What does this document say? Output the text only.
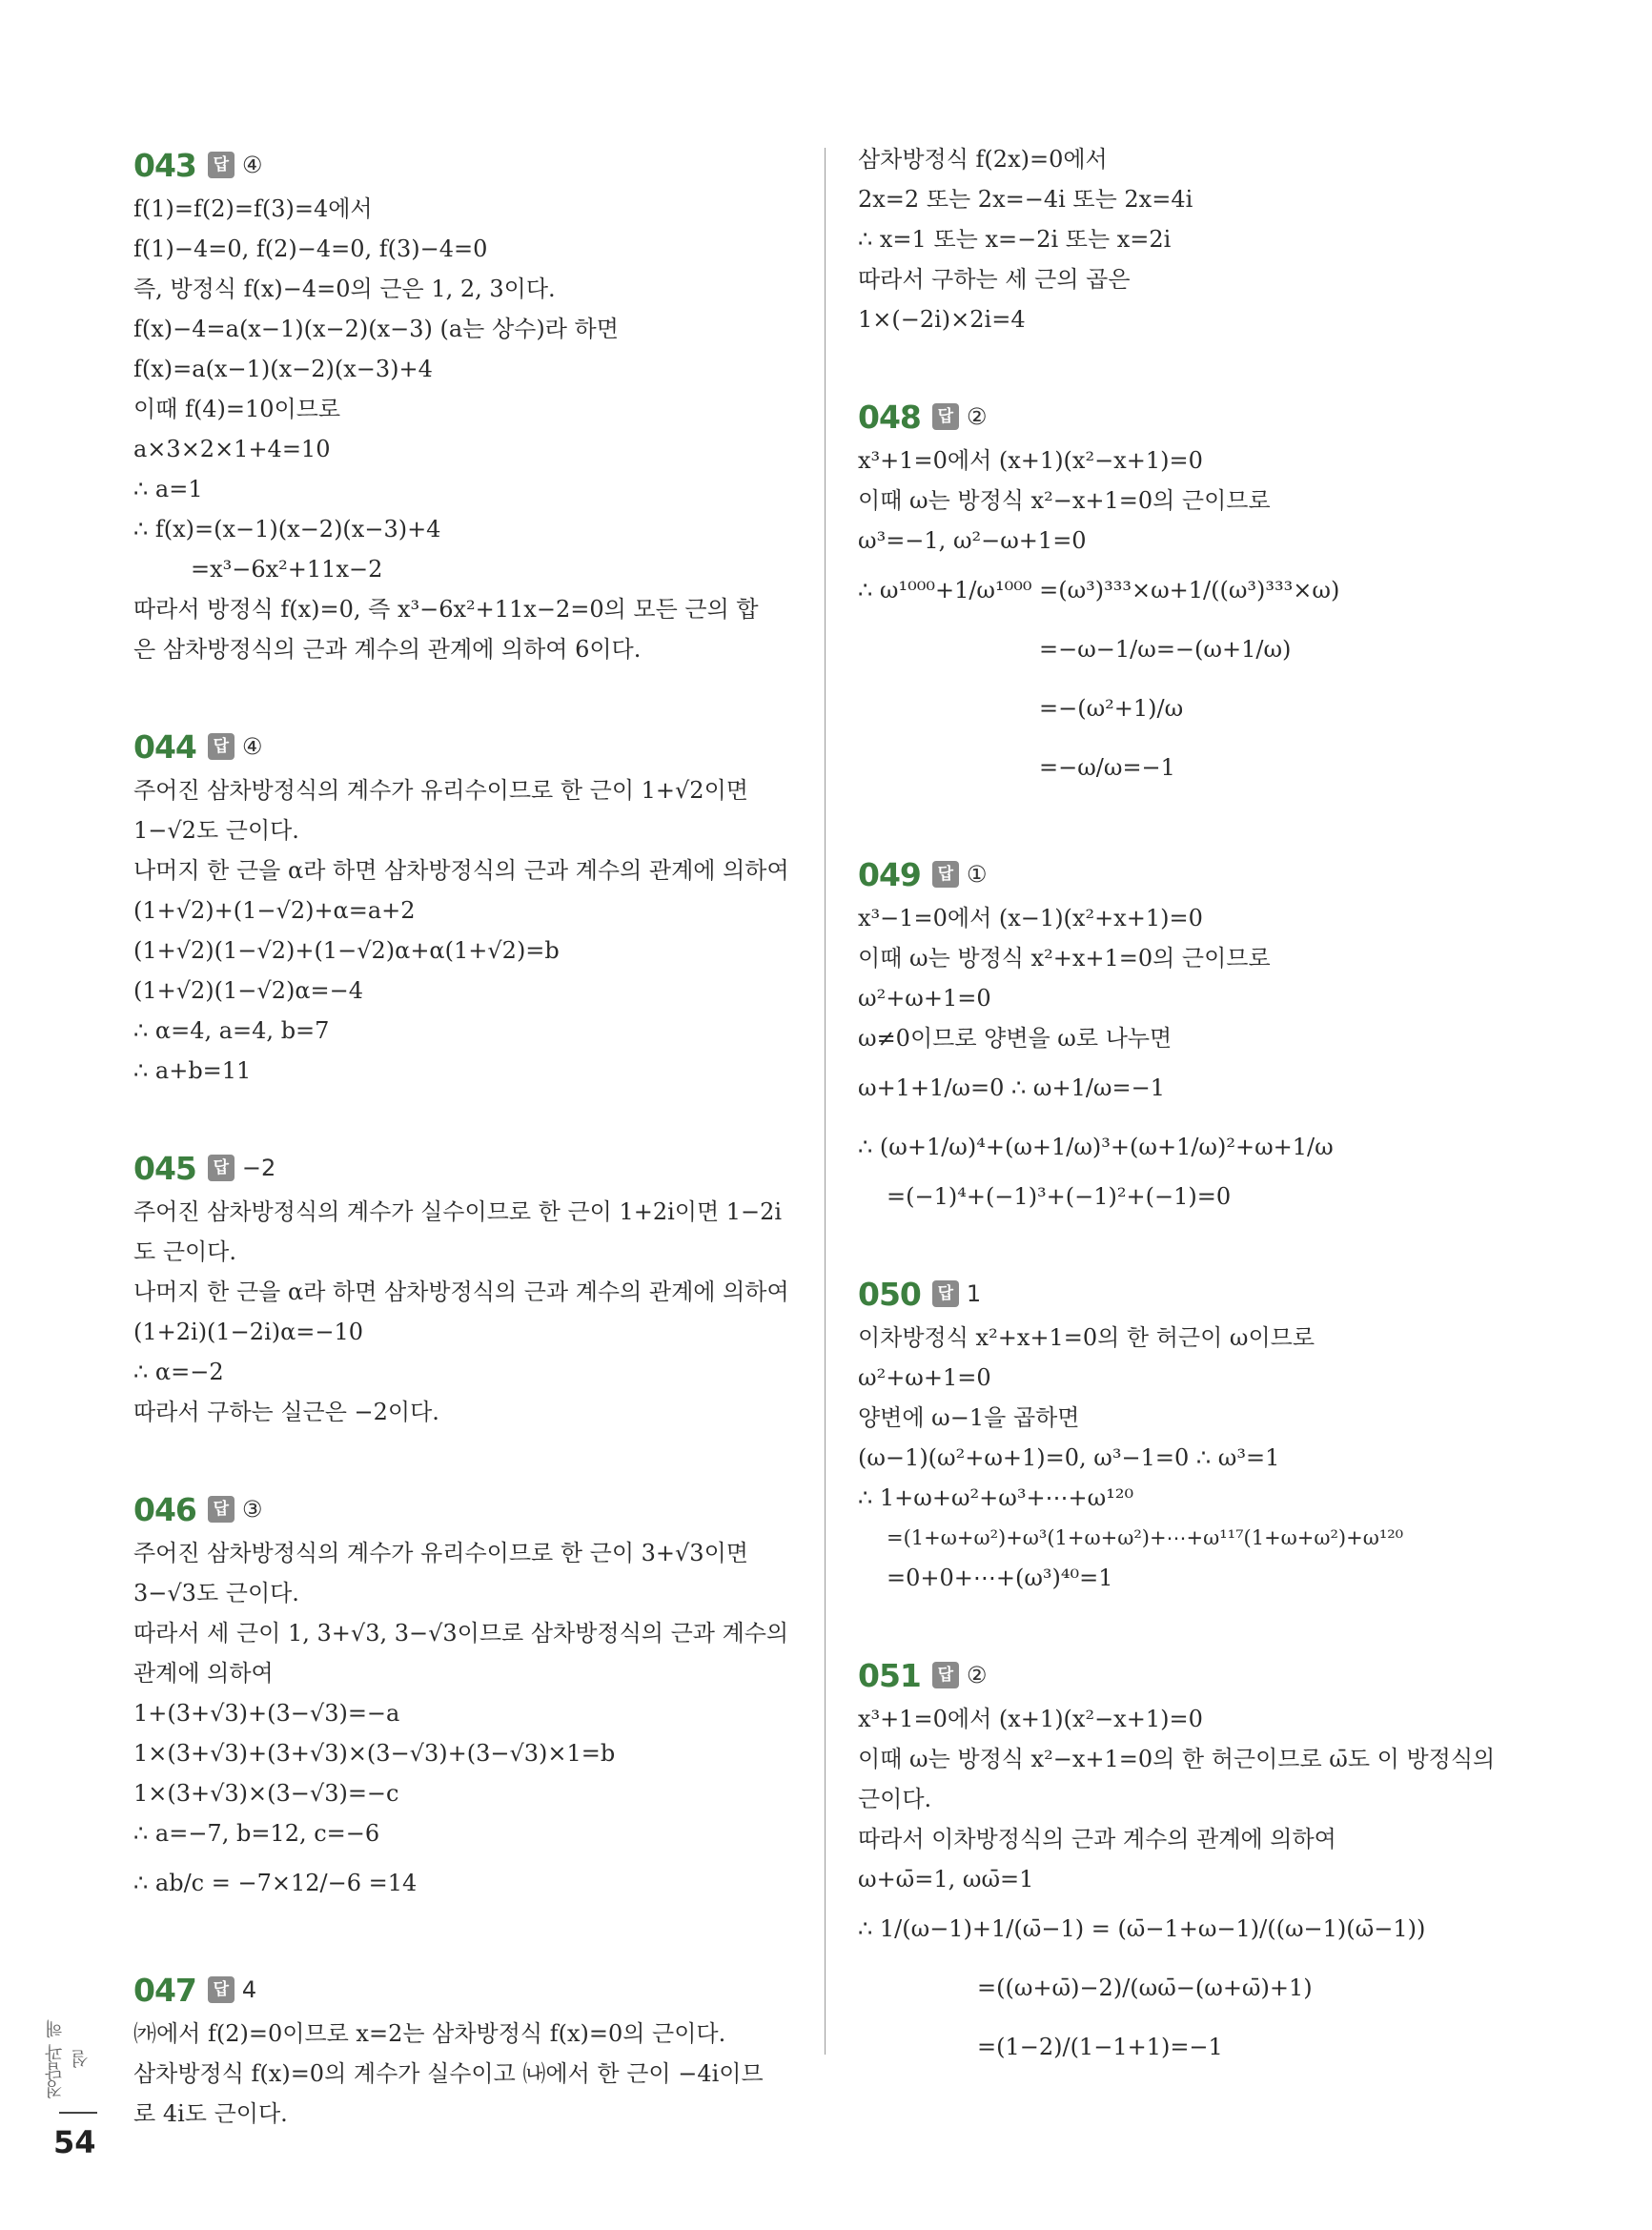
043	답 ④
f(1)=f(2)=f(3)=4에서
f(1)−4=0, f(2)−4=0, f(3)−4=0
즉, 방정식 f(x)−4=0의 근은 1, 2, 3이다.
f(x)−4=a(x−1)(x−2)(x−3) (a는 상수)라 하면
f(x)=a(x−1)(x−2)(x−3)+4
이때 f(4)=10이므로
a×3×2×1+4=10
∴ a=1
∴ f(x)=(x−1)(x−2)(x−3)+4
=x³−6x²+11x−2
따라서 방정식 f(x)=0, 즉 x³−6x²+11x−2=0의 모든 근의 합
은 삼차방정식의 근과 계수의 관계에 의하여 6이다.
044	답 ④
주어진 삼차방정식의 계수가 유리수이므로 한 근이 1+√2이면
1−√2도 근이다.
나머지 한 근을 α라 하면 삼차방정식의 근과 계수의 관계에 의하여
(1+√2)+(1−√2)+α=a+2
(1+√2)(1−√2)+(1−√2)α+α(1+√2)=b
(1+√2)(1−√2)α=−4
∴ α=4, a=4, b=7
∴ a+b=11
045	답 −2
주어진 삼차방정식의 계수가 실수이므로 한 근이 1+2i이면 1−2i
도 근이다.
나머지 한 근을 α라 하면 삼차방정식의 근과 계수의 관계에 의하여
(1+2i)(1−2i)α=−10
∴ α=−2
따라서 구하는 실근은 −2이다.
046	답 ③
주어진 삼차방정식의 계수가 유리수이므로 한 근이 3+√3이면
3−√3도 근이다.
따라서 세 근이 1, 3+√3, 3−√3이므로 삼차방정식의 근과 계수의
관계에 의하여
1+(3+√3)+(3−√3)=−a
1×(3+√3)+(3+√3)×(3−√3)+(3−√3)×1=b
1×(3+√3)×(3−√3)=−c
∴ a=−7, b=12, c=−6
∴ ab/c = −7×12/−6 =14
047	답 4
㈎에서 f(2)=0이므로 x=2는 삼차방정식 f(x)=0의 근이다.
삼차방정식 f(x)=0의 계수가 실수이고 ㈏에서 한 근이 −4i이므
로 4i도 근이다.
삼차방정식 f(2x)=0에서
2x=2 또는 2x=−4i 또는 2x=4i
∴ x=1 또는 x=−2i 또는 x=2i
따라서 구하는 세 근의 곱은
1×(−2i)×2i=4
048	답 ②
x³+1=0에서 (x+1)(x²−x+1)=0
이때 ω는 방정식 x²−x+1=0의 근이므로
ω³=−1, ω²−ω+1=0
∴ ω¹⁰⁰⁰+1/ω¹⁰⁰⁰ =(ω³)³³³×ω+1/((ω³)³³³×ω)
=−ω−1/ω=−(ω+1/ω)
=−(ω²+1)/ω
=−ω/ω=−1
049	답 ①
x³−1=0에서 (x−1)(x²+x+1)=0
이때 ω는 방정식 x²+x+1=0의 근이므로
ω²+ω+1=0
ω≠0이므로 양변을 ω로 나누면
ω+1+1/ω=0 ∴ ω+1/ω=−1
∴ (ω+1/ω)⁴+(ω+1/ω)³+(ω+1/ω)²+ω+1/ω
=(−1)⁴+(−1)³+(−1)²+(−1)=0
050	답 1
이차방정식 x²+x+1=0의 한 허근이 ω이므로
ω²+ω+1=0
양변에 ω−1을 곱하면
(ω−1)(ω²+ω+1)=0, ω³−1=0 ∴ ω³=1
∴ 1+ω+ω²+ω³+⋯+ω¹²⁰
=(1+ω+ω²)+ω³(1+ω+ω²)+⋯+ω¹¹⁷(1+ω+ω²)+ω¹²⁰
=0+0+⋯+(ω³)⁴⁰=1
051	답 ②
x³+1=0에서 (x+1)(x²−x+1)=0
이때 ω는 방정식 x²−x+1=0의 한 허근이므로 ω̄도 이 방정식의
근이다.
따라서 이차방정식의 근과 계수의 관계에 의하여
ω+ω̄=1, ωω̄=1
∴ 1/(ω−1)+1/(ω̄−1) = (ω̄−1+ω−1)/((ω−1)(ω̄−1))
=((ω+ω̄)−2)/(ωω̄−(ω+ω̄)+1)
=(1−2)/(1−1+1)=−1
정답과 해설
54
